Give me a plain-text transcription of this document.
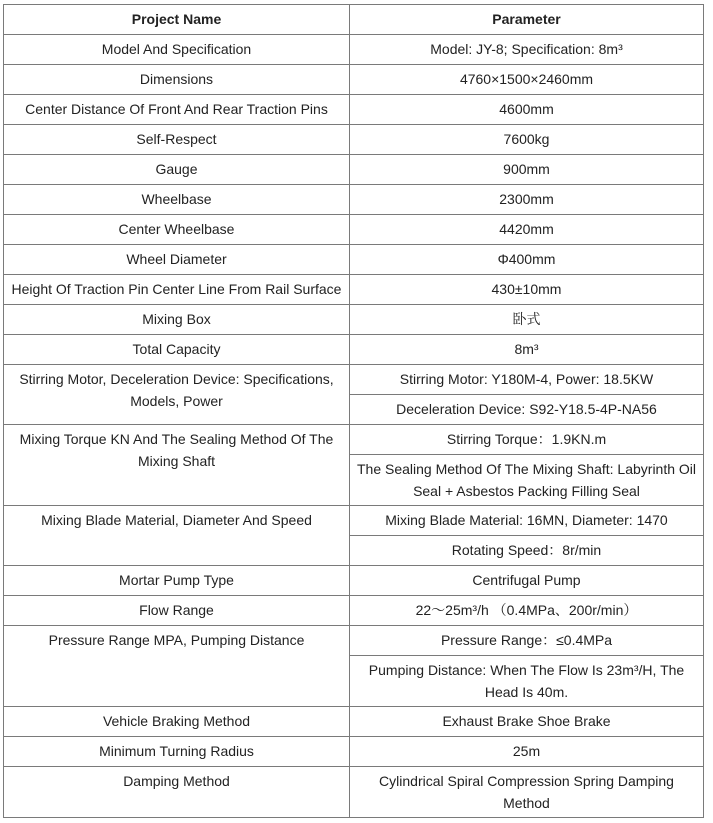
Project Name	Parameter
Model And Specification	Model: JY-8; Specification: 8m³
Dimensions	4760×1500×2460mm
Center Distance Of Front And Rear Traction Pins	4600mm
Self-Respect	7600kg
Gauge	900mm
Wheelbase	2300mm
Center Wheelbase	4420mm
Wheel Diameter	Φ400mm
Height Of Traction Pin Center Line From Rail Surface	430±10mm
Mixing Box	卧式
Total Capacity	8m³
Stirring Motor, Deceleration Device: Specifications, Models, Power	Stirring Motor: Y180M-4, Power: 18.5KW
	Deceleration Device: S92-Y18.5-4P-NA56
Mixing Torque KN And The Sealing Method Of The Mixing Shaft	Stirring Torque：1.9KN.m
	The Sealing Method Of The Mixing Shaft: Labyrinth Oil Seal + Asbestos Packing Filling Seal
Mixing Blade Material, Diameter And Speed	Mixing Blade Material: 16MN, Diameter: 1470
	Rotating Speed：8r/min
Mortar Pump Type	Centrifugal Pump
Flow Range	22～25m³/h （0.4MPa、200r/min）
Pressure Range MPA, Pumping Distance	Pressure Range：≤0.4MPa
	Pumping Distance: When The Flow Is 23m³/H, The Head Is 40m.
Vehicle Braking Method	Exhaust Brake Shoe Brake
Minimum Turning Radius	25m
Damping Method	Cylindrical Spiral Compression Spring Damping Method
